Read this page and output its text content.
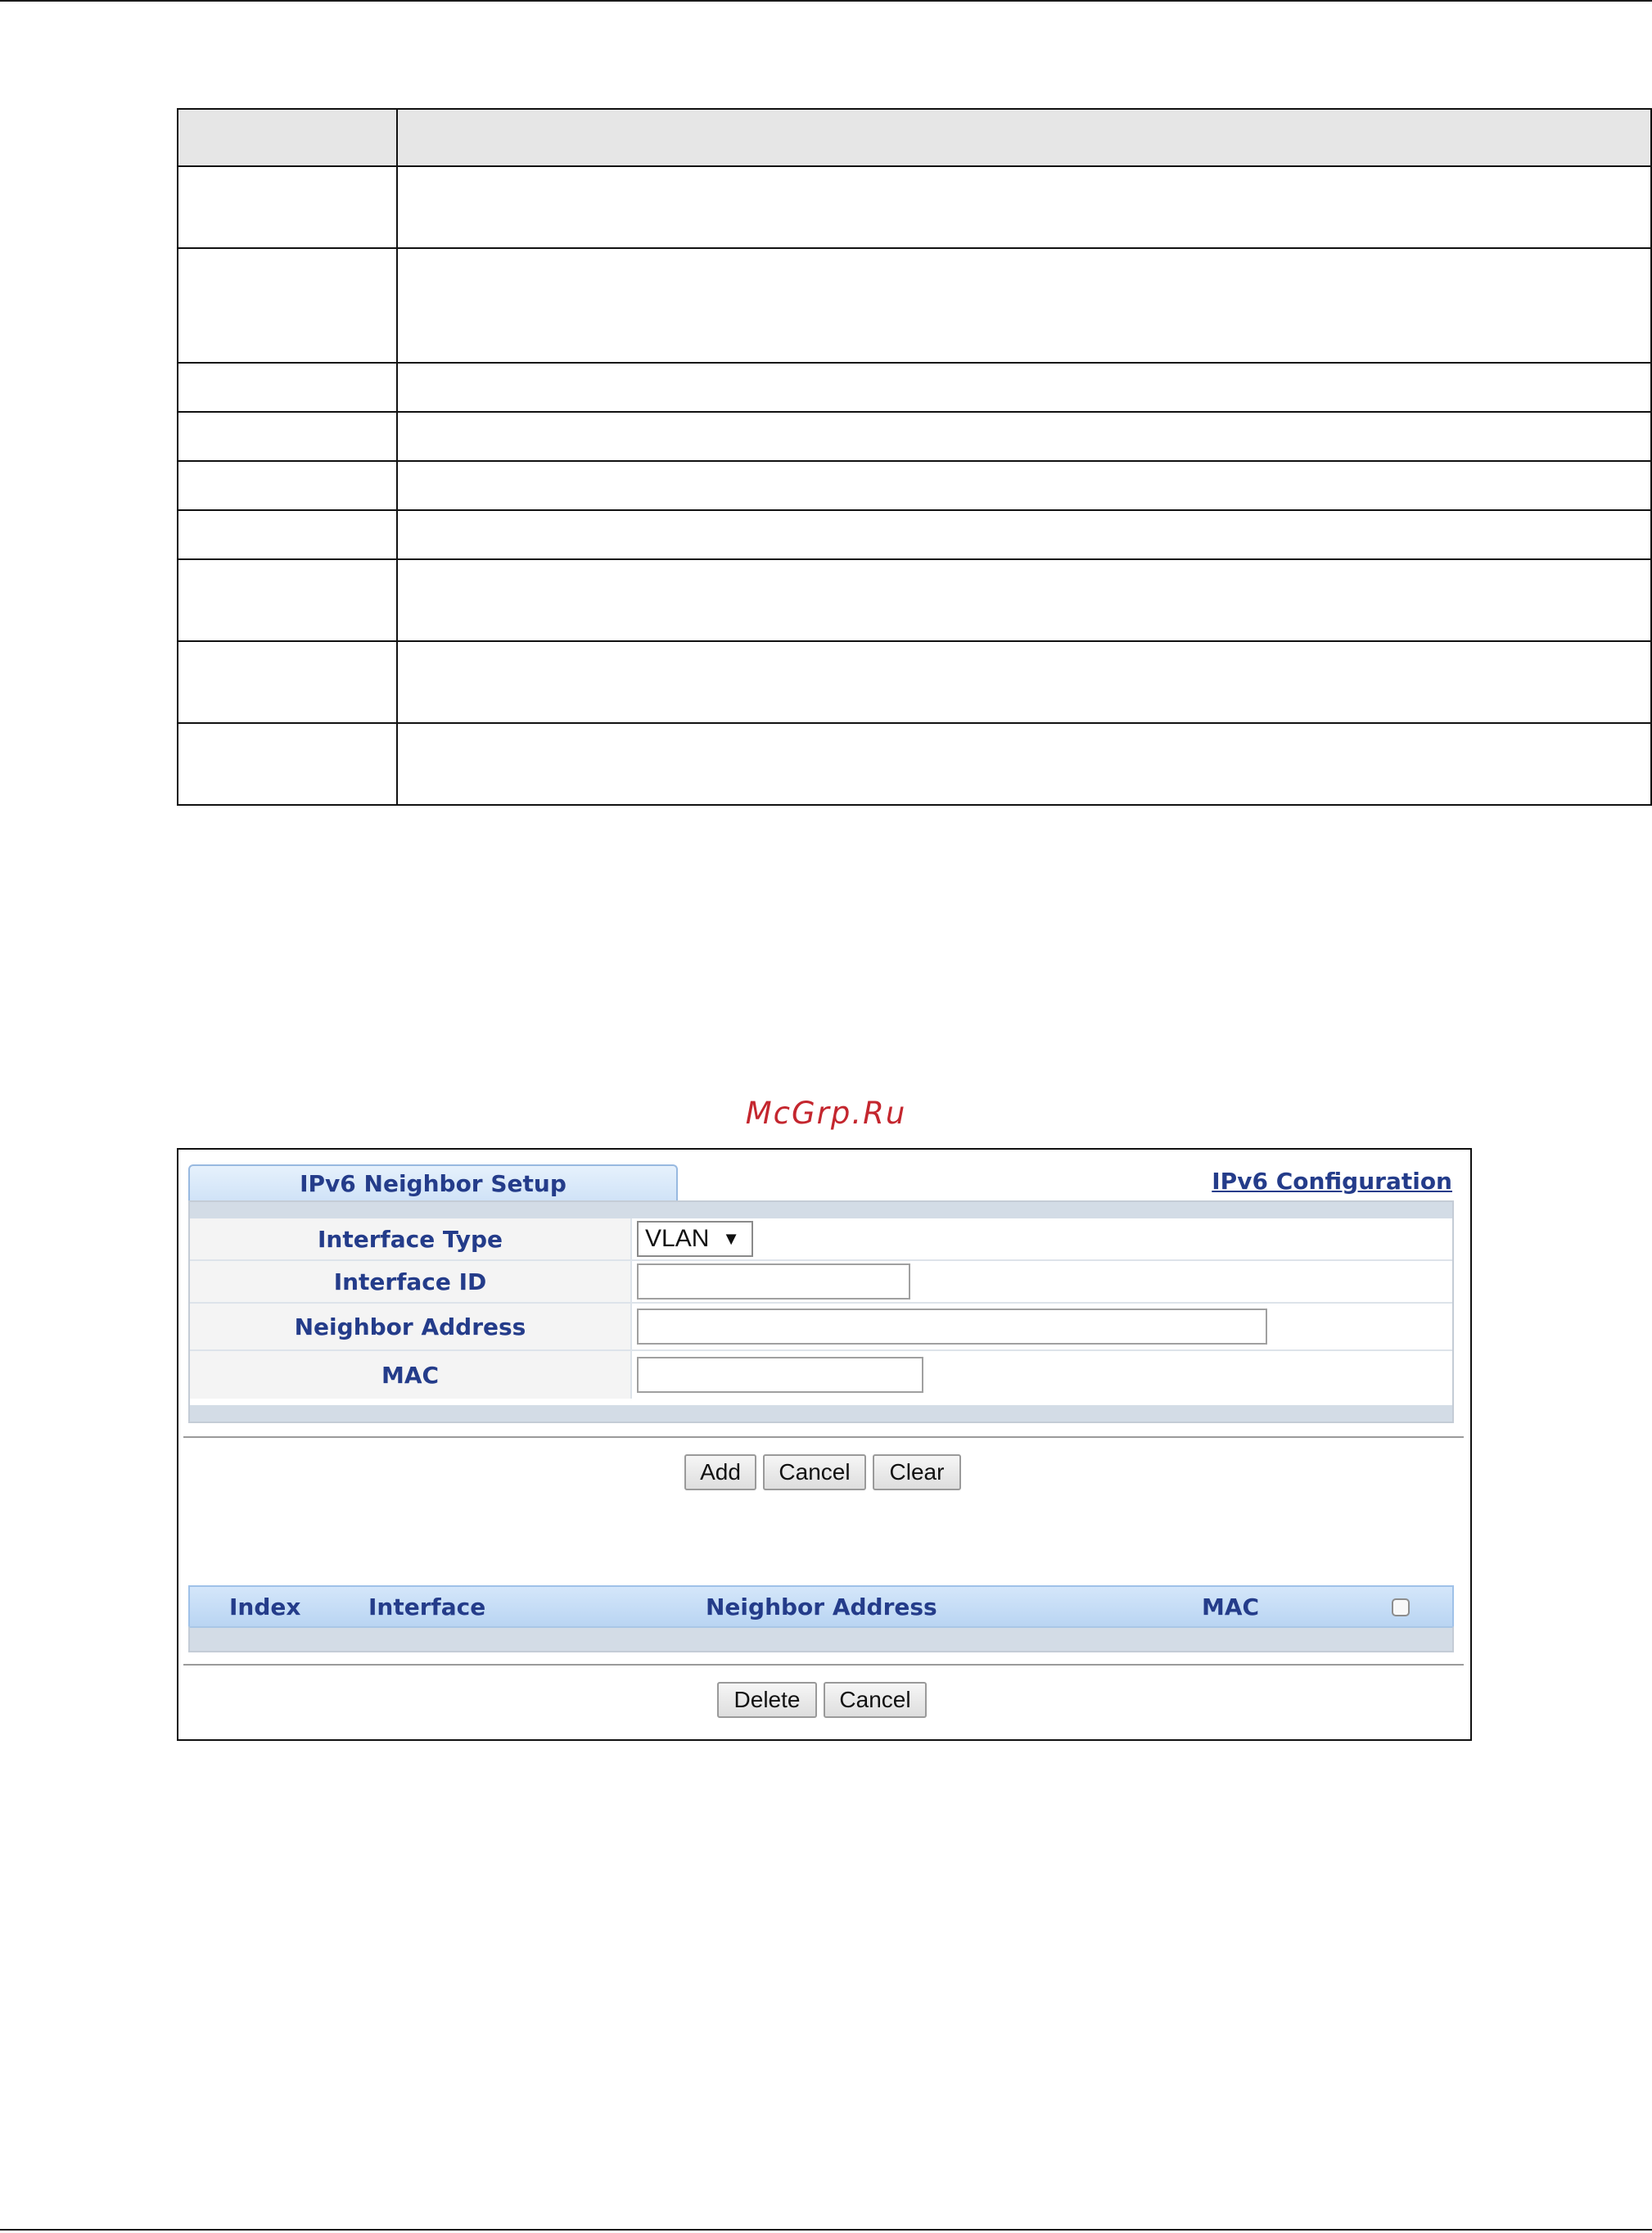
McGrp.Ru
IPv6 Neighbor Setup	IPv6 Configuration
Interface Type	VLAN ▼
Interface ID
Neighbor Address
MAC
Add	Cancel	Clear
Index	Interface	Neighbor Address	MAC
Delete	Cancel
